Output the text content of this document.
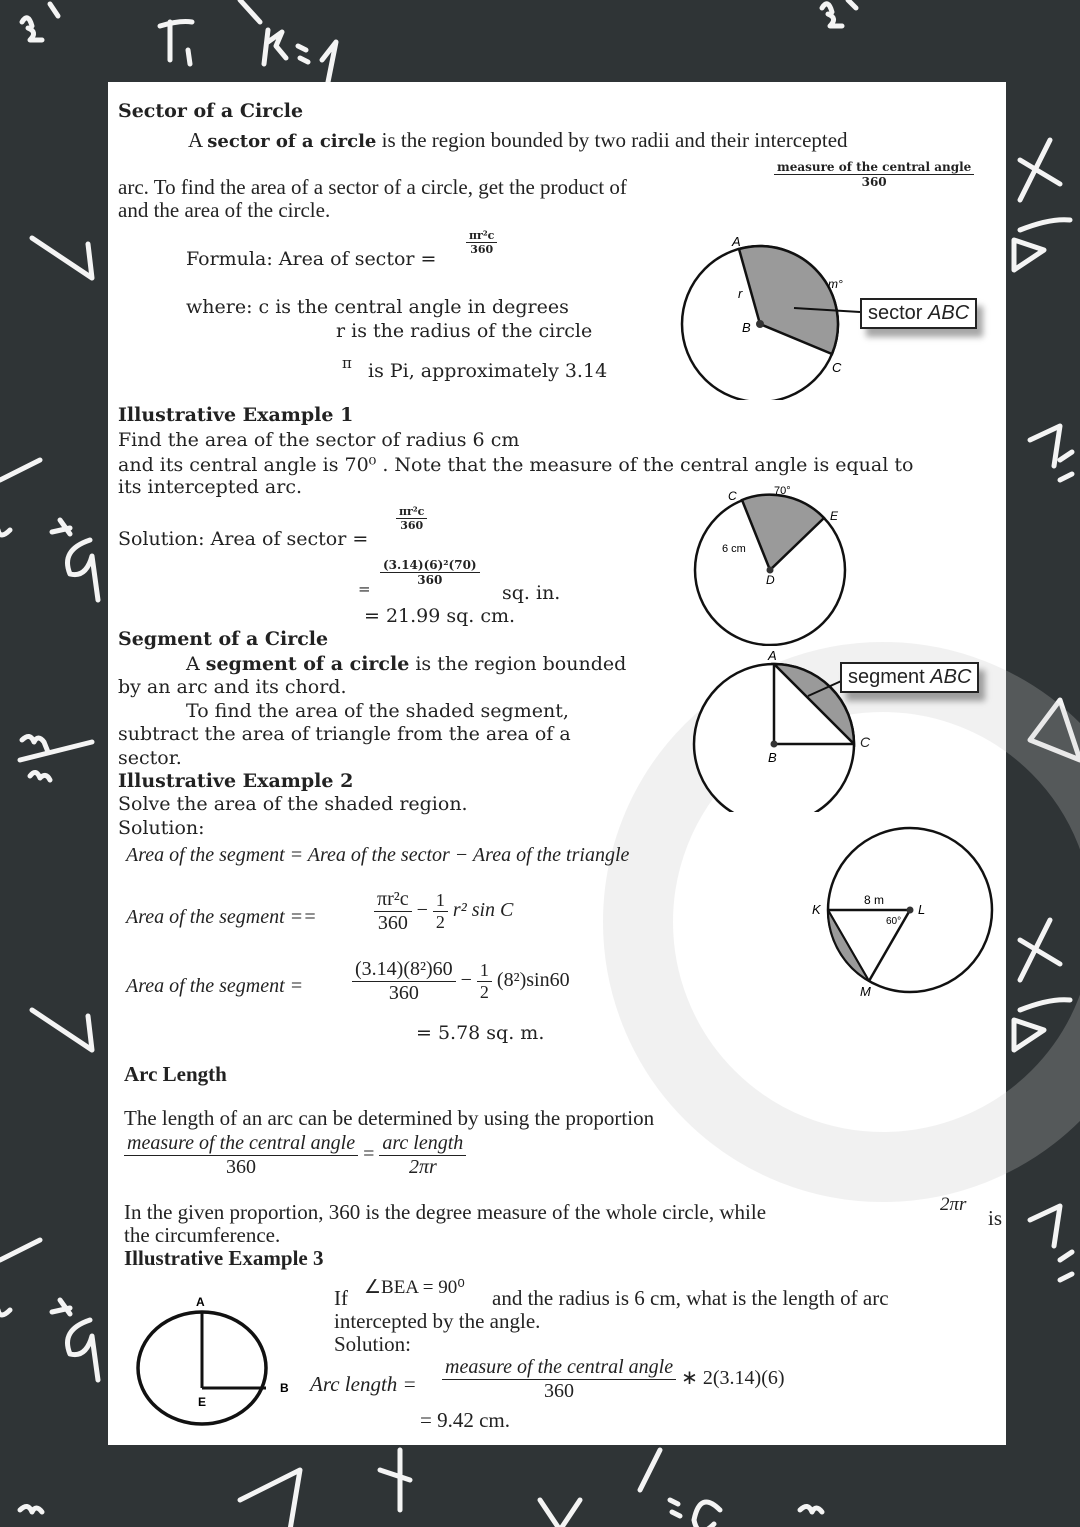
Sector of a Circle
A sector of a circle is the region bounded by two radii and their intercepted
arc. To find the area of a sector of a circle, get the product of	$\frac{\text{measure of the central angle}}{360}$
and the area of the circle.
Formula: Area of sector =
$\frac{\text{πr²c}}{360}$
where: c is the central angle in degrees
r is the radius of the circle
π is Pi, approximately 3.14
A
r
B
C
m°
sector ABC
Illustrative Example 1
Find the area of the sector of radius 6 cm
and its central angle is 70⁰ . Note that the measure of the central angle is equal to
its intercepted arc.
Solution: Area of sector =
$\frac{\text{πr²c}}{360}$
=
$\frac{\text{(3.14)(6)²(70)}}{360}$
sq. in.
= 21.99 sq. cm.
C	70°
E
6 cm
D
Segment of a Circle
A segment of a circle is the region bounded
by an arc and its chord.
To find the area of the shaded segment,
subtract the area of triangle from the area of a
sector.
A
B
C
segment ABC
Illustrative Example 2
Solve the area of the shaded region.
Solution:
Area of the segment = Area of the sector − Area of the triangle
Area of the segment ==	$\frac{\text{πr²c}}{360} - \frac{1}{2} r^2$ sin C
Area of the segment = $\frac{\text{(3.14)(8²)60}}{360} - \frac{1}{2} (8^2)\sin 60$
= 5.78 sq. m.
K	L
M
8 m
60°
Arc Length
The length of an arc can be determined by using the proportion
$\frac{\text{measure of the central angle}}{360} = \frac{\text{arc length}}{2\pi r}$
In the given proportion, 360 is the degree measure of the whole circle, while	2πr
is
the circumference.
Illustrative Example 3
If ∠BEA = 90⁰ and the radius is 6 cm, what is the length of arc
intercepted by the angle.
Solution:
Arc length = $\frac{\text{measure of the central angle}}{360}$ ∗ 2(3.14)(6)
= 9.42 cm.
A
E
B
